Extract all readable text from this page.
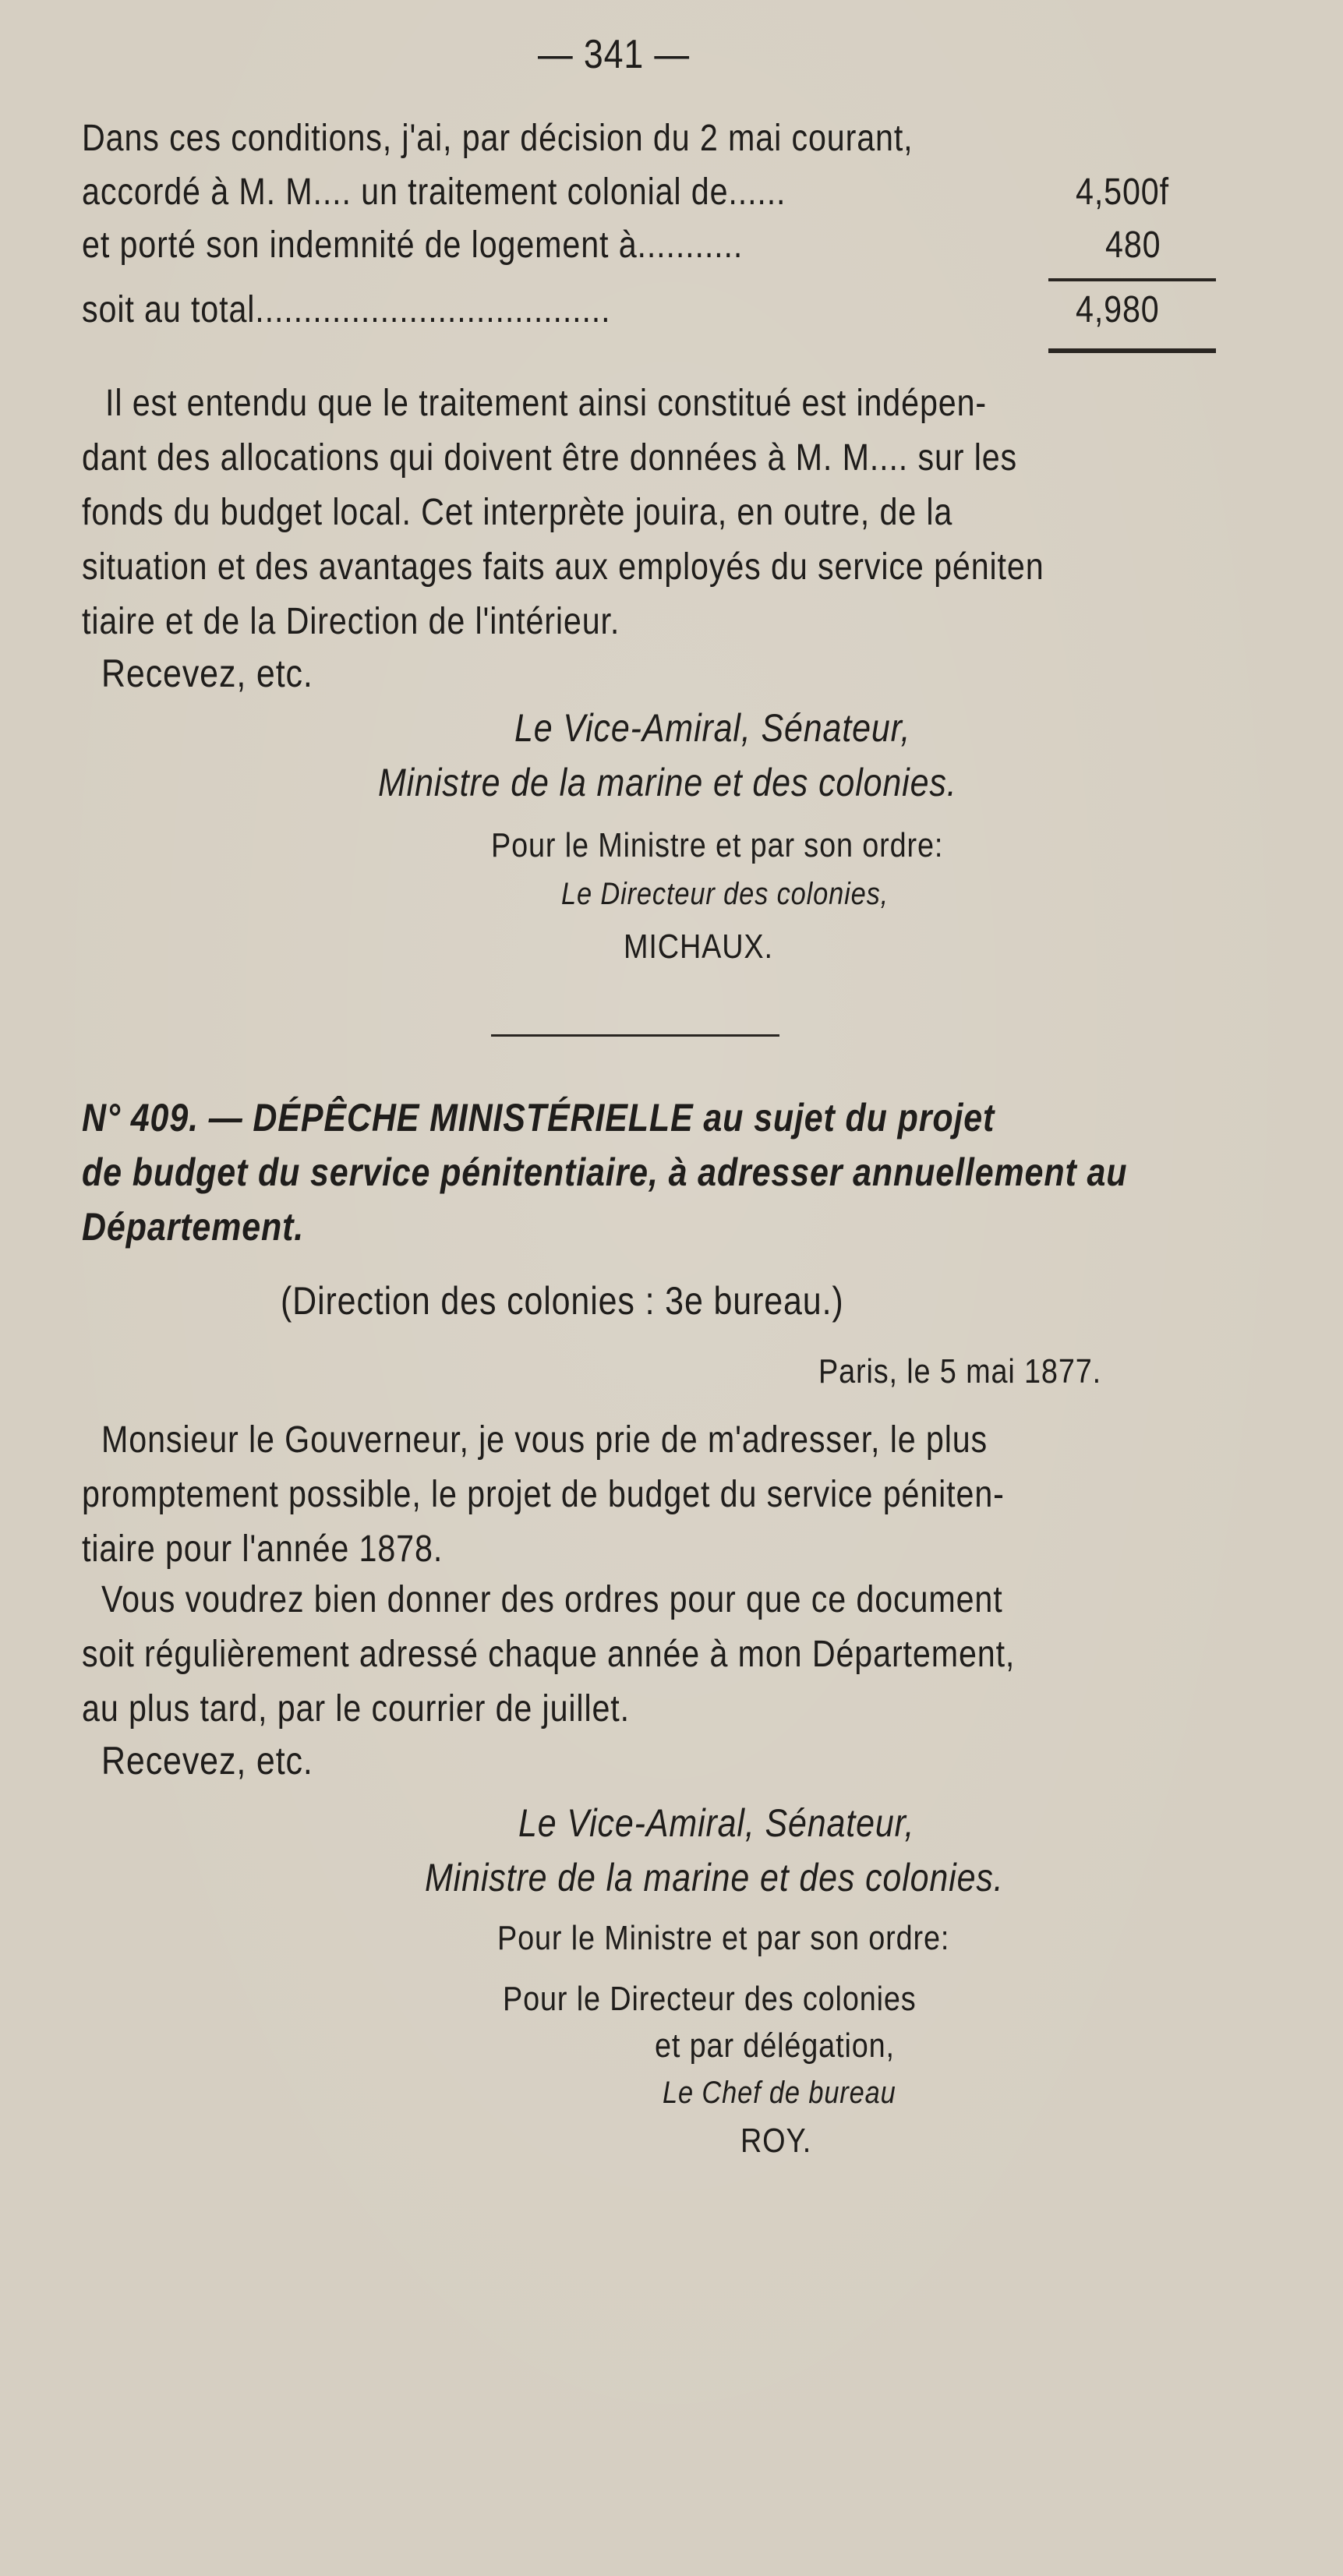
— 341 —
Dans ces conditions, j'ai, par décision du 2 mai courant,
accordé à M. M.... un traitement colonial de......	4,500f
et porté son indemnité de logement à...........	480
soit au total.....................................	4,980
Il est entendu que le traitement ainsi constitué est indépen-
dant des allocations qui doivent être données à M. M.... sur les
fonds du budget local. Cet interprète jouira, en outre, de la
situation et des avantages faits aux employés du service péniten
tiaire et de la Direction de l'intérieur.
Recevez, etc.
Le Vice-Amiral, Sénateur,
Ministre de la marine et des colonies.
Pour le Ministre et par son ordre:
Le Directeur des colonies,
MICHAUX.
N° 409. — DÉPÊCHE MINISTÉRIELLE au sujet du projet
de budget du service pénitentiaire, à adresser annuellement au
Département.
(Direction des colonies : 3e bureau.)
Paris, le 5 mai 1877.
Monsieur le Gouverneur, je vous prie de m'adresser, le plus
promptement possible, le projet de budget du service péniten-
tiaire pour l'année 1878.
Vous voudrez bien donner des ordres pour que ce document
soit régulièrement adressé chaque année à mon Département,
au plus tard, par le courrier de juillet.
Recevez, etc.
Le Vice-Amiral, Sénateur,
Ministre de la marine et des colonies.
Pour le Ministre et par son ordre:
Pour le Directeur des colonies
et par délégation,
Le Chef de bureau
ROY.
